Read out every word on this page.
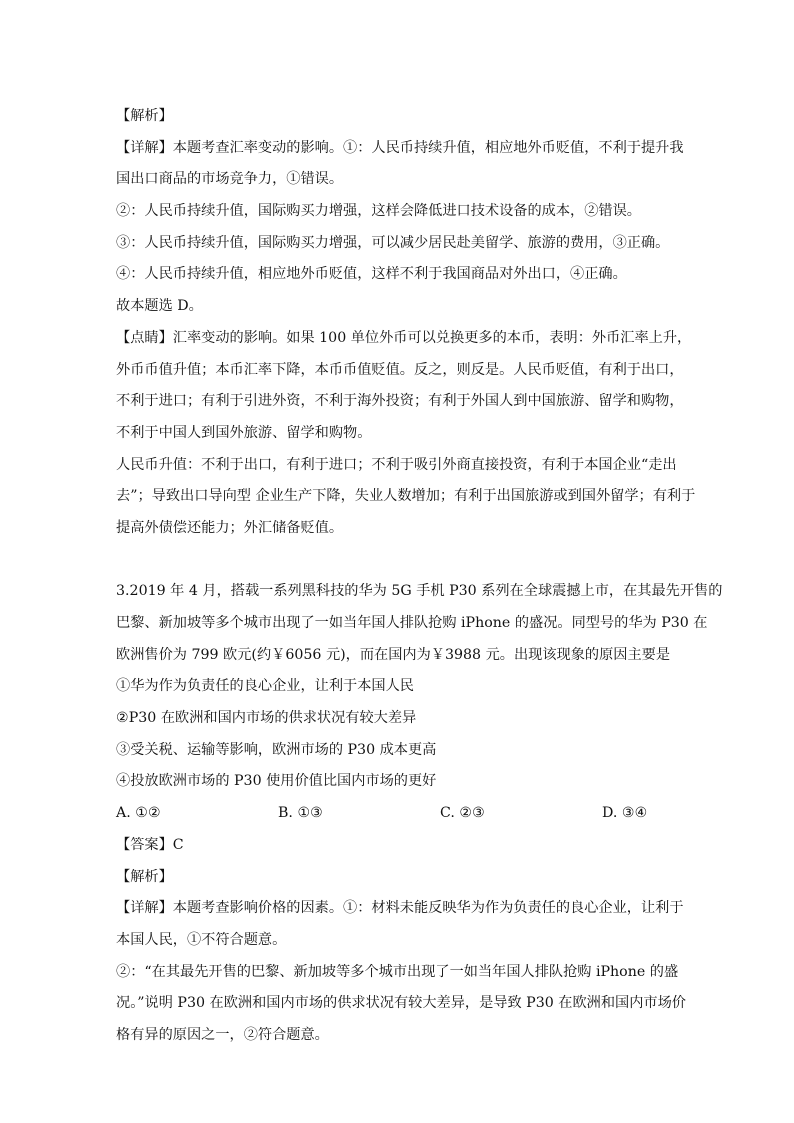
【解析】
【详解】本题考查汇率变动的影响。①：人民币持续升值，相应地外币贬值，不利于提升我
国出口商品的市场竞争力，①错误。
②：人民币持续升值，国际购买力增强，这样会降低进口技术设备的成本，②错误。
③：人民币持续升值，国际购买力增强，可以减少居民赴美留学、旅游的费用，③正确。
④：人民币持续升值，相应地外币贬值，这样不利于我国商品对外出口，④正确。
故本题选 D。
【点睛】汇率变动的影响。如果 100 单位外币可以兑换更多的本币，表明：外币汇率上升，
外币币值升值；本币汇率下降，本币币值贬值。反之，则反是。人民币贬值，有利于出口，
不利于进口；有利于引进外资，不利于海外投资；有利于外国人到中国旅游、留学和购物，
不利于中国人到国外旅游、留学和购物。
人民币升值：不利于出口，有利于进口；不利于吸引外商直接投资，有利于本国企业“走出
去”；导致出口导向型 企业生产下降，失业人数增加；有利于出国旅游或到国外留学；有利于
提高外债偿还能力；外汇储备贬值。
3.2019 年 4 月，搭载一系列黑科技的华为 5G 手机 P30 系列在全球震撼上市，在其最先开售的
巴黎、新加坡等多个城市出现了一如当年国人排队抢购 iPhone 的盛况。同型号的华为 P30 在
欧洲售价为 799 欧元(约￥6056 元)，而在国内为￥3988 元。出现该现象的原因主要是
①华为作为负责任的良心企业，让利于本国人民
②P30 在欧洲和国内市场的供求状况有较大差异
③受关税、运输等影响，欧洲市场的 P30 成本更高
④投放欧洲市场的 P30 使用价值比国内市场的更好
A. ①②	B. ①③	C. ②③	D. ③④
【答案】C
【解析】
【详解】本题考查影响价格的因素。①：材料未能反映华为作为负责任的良心企业，让利于
本国人民，①不符合题意。
②：“在其最先开售的巴黎、新加坡等多个城市出现了一如当年国人排队抢购 iPhone 的盛
况。”说明 P30 在欧洲和国内市场的供求状况有较大差异，是导致 P30 在欧洲和国内市场价
格有异的原因之一，②符合题意。
